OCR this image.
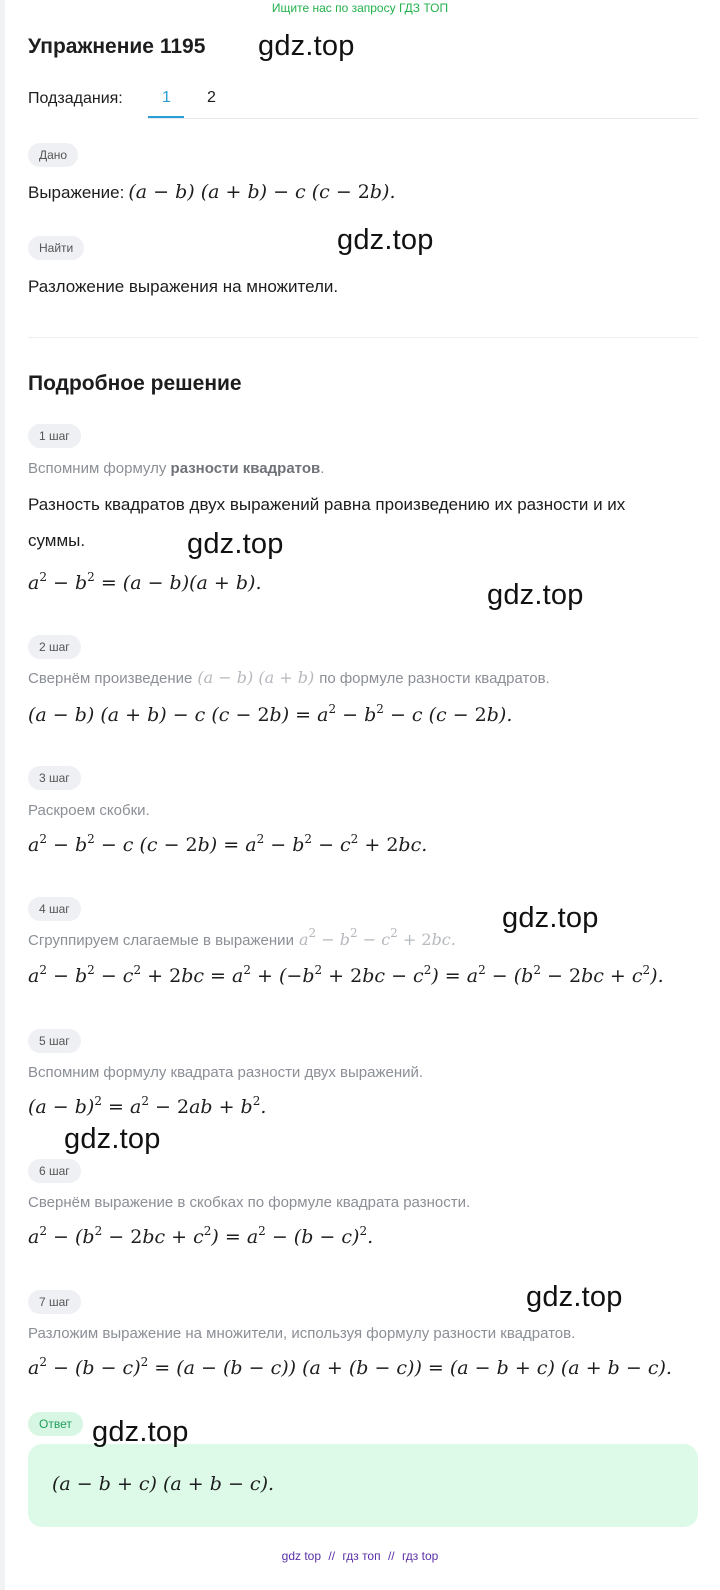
Ищите нас по запросу ГДЗ ТОП
Упражнение 1195 gdz.top
Подзадания: 1 2
Дано
Выражение: (a − b) (a + b) − c (c − 2b).
Найти	gdz.top
Разложение выражения на множители.
Подробное решение
1 шаг
Вспомним формулу разности квадратов.
Разность квадратов двух выражений равна произведению их разности и их
суммы.	gdz.top
$a^2 - b^2 = (a - b)(a + b)$.	gdz.top
2 шаг
Свернём произведение (a − b) (a + b) по формуле разности квадратов.
(a − b) (a + b) − c $(c - 2b) = a^2 - b^2 - c$ (c − 2b).
3 шаг
Раскроем скобки.
$a^2 - b^2 - c$ $(c - 2b) = a^2 - b^2 - c^2 + 2bc$.
4 шаг	gdz.top
Сгруппируем слагаемые в выражении $a^2 - b^2 - c^2 + 2bc$.
$a^2 - b^2 - c^2 + 2bc = a^2 + (-b^2 + 2bc - c^2) = a^2 - (b^2 - 2bc + c^2)$.
5 шаг
Вспомним формулу квадрата разности двух выражений.
$(a - b)^2 = a^2 - 2ab + b^2$.
gdz.top
6 шаг
Свернём выражение в скобках по формуле квадрата разности.
$a^2 - (b^2 - 2bc + c^2) = a^2 - (b - c)^2$.
7 шаг	gdz.top
Разложим выражение на множители, используя формулу разности квадратов.
$a^2 - (b - c)^2 = (a - (b - c)) (a + (b - c)) = (a - b + c) (a + b - c)$.
Ответ gdz.top
(a − b + c) (a + b − c).
gdz top // гдз топ // гдз top
